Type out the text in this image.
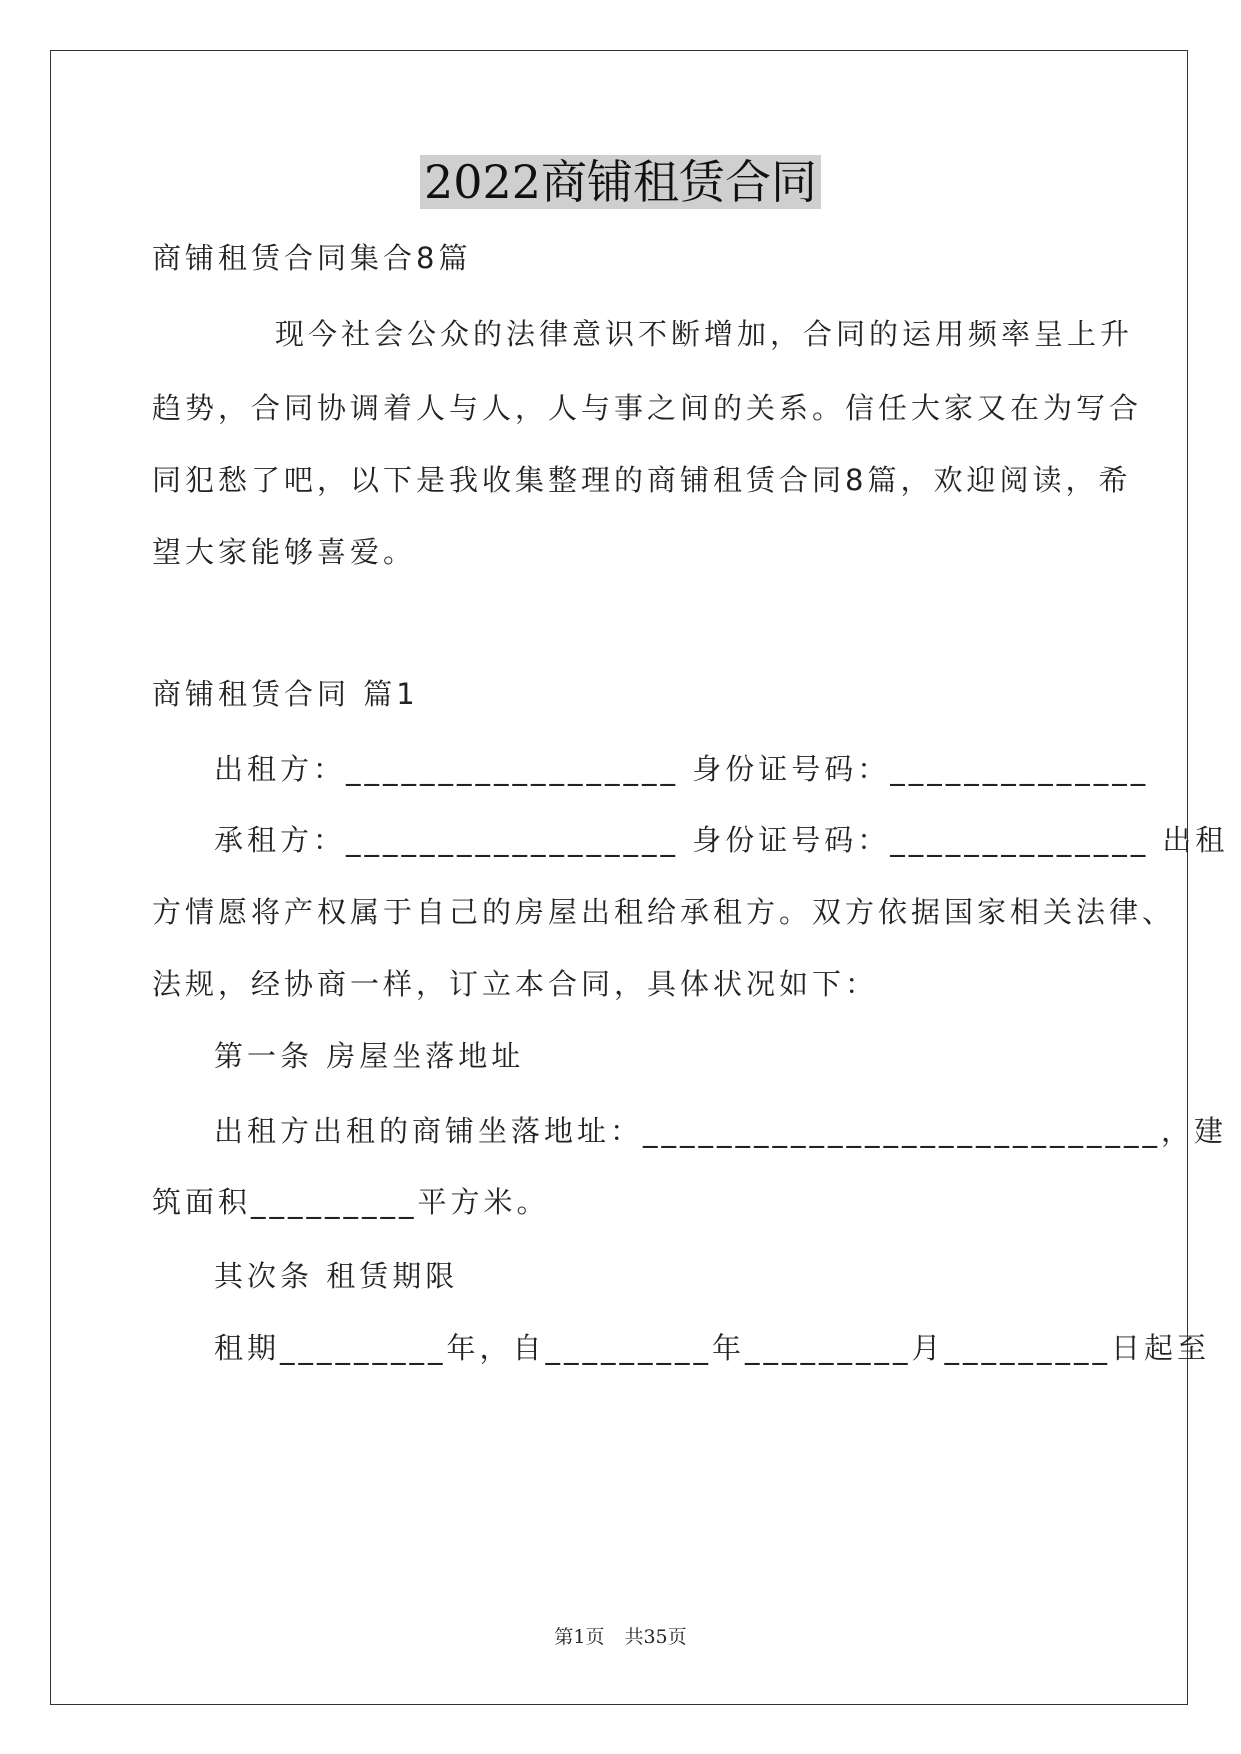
2022商铺租赁合同

商铺租赁合同集合8篇

现今社会公众的法律意识不断增加，合同的运用频率呈上升

趋势，合同协调着人与人，人与事之间的关系。信任大家又在为写合

同犯愁了吧，以下是我收集整理的商铺租赁合同8篇，欢迎阅读，希

望大家能够喜爱。

商铺租赁合同 篇1

出租方：__________________ 身份证号码：______________

承租方：__________________ 身份证号码：______________ 出租

方情愿将产权属于自己的房屋出租给承租方。双方依据国家相关法律、

法规，经协商一样，订立本合同，具体状况如下：

第一条 房屋坐落地址

出租方出租的商铺坐落地址：____________________________，建

筑面积_________平方米。

其次条 租赁期限

租期_________年，自_________年_________月_________日起至

第1页 共35页
